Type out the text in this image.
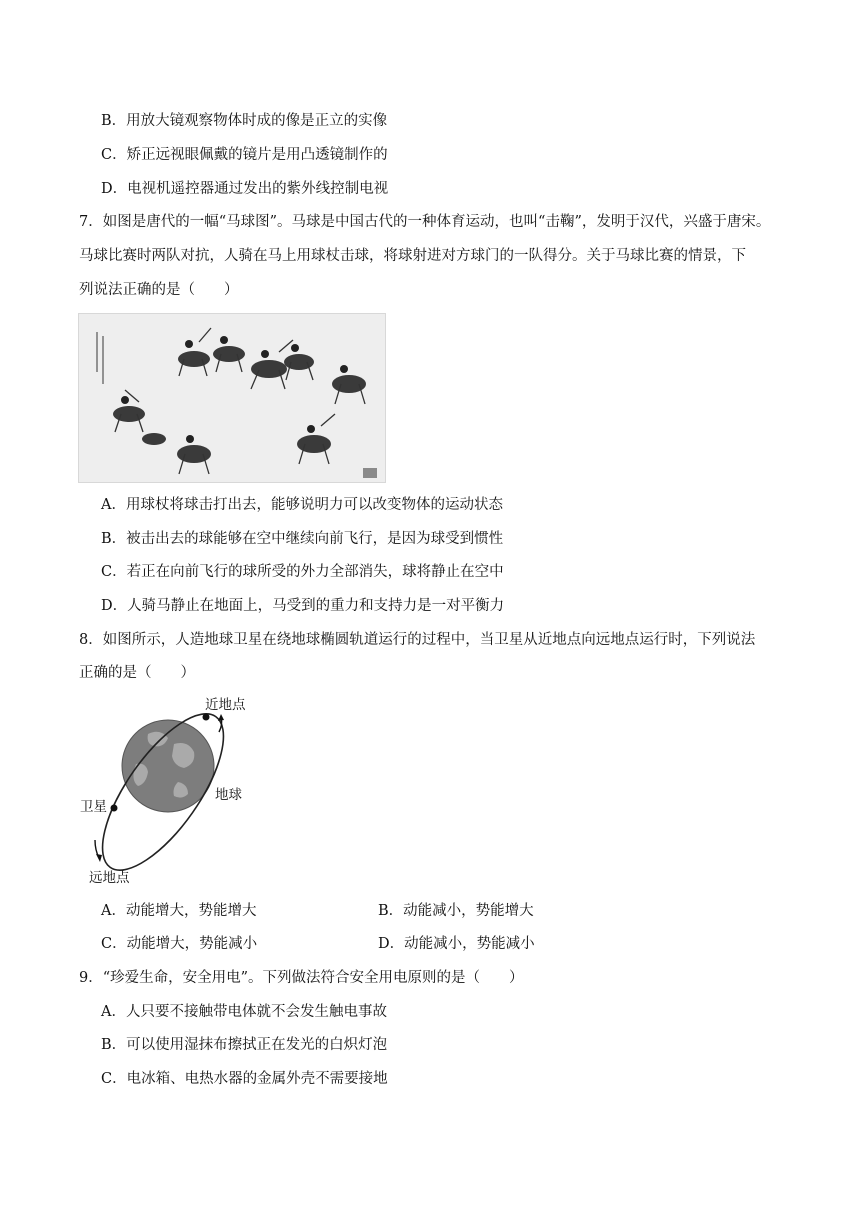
B．用放大镜观察物体时成的像是正立的实像
C．矫正远视眼佩戴的镜片是用凸透镜制作的
D．电视机遥控器通过发出的紫外线控制电视
7．如图是唐代的一幅“马球图”。马球是中国古代的一种体育运动，也叫“击鞠”，发明于汉代，兴盛于唐宋。
马球比赛时两队对抗，人骑在马上用球杖击球，将球射进对方球门的一队得分。关于马球比赛的情景，下
列说法正确的是（　　）
A．用球杖将球击打出去，能够说明力可以改变物体的运动状态
B．被击出去的球能够在空中继续向前飞行，是因为球受到惯性
C．若正在向前飞行的球所受的外力全部消失，球将静止在空中
D．人骑马静止在地面上，马受到的重力和支持力是一对平衡力
8．如图所示，人造地球卫星在绕地球椭圆轨道运行的过程中，当卫星从近地点向远地点运行时，下列说法
正确的是（　　）
近地点
地球
卫星
远地点
A．动能增大，势能增大	B．动能减小，势能增大
C．动能增大，势能减小	D．动能减小，势能减小
9．“珍爱生命，安全用电”。下列做法符合安全用电原则的是（　　）
A．人只要不接触带电体就不会发生触电事故
B．可以使用湿抹布擦拭正在发光的白炽灯泡
C．电冰箱、电热水器的金属外壳不需要接地
